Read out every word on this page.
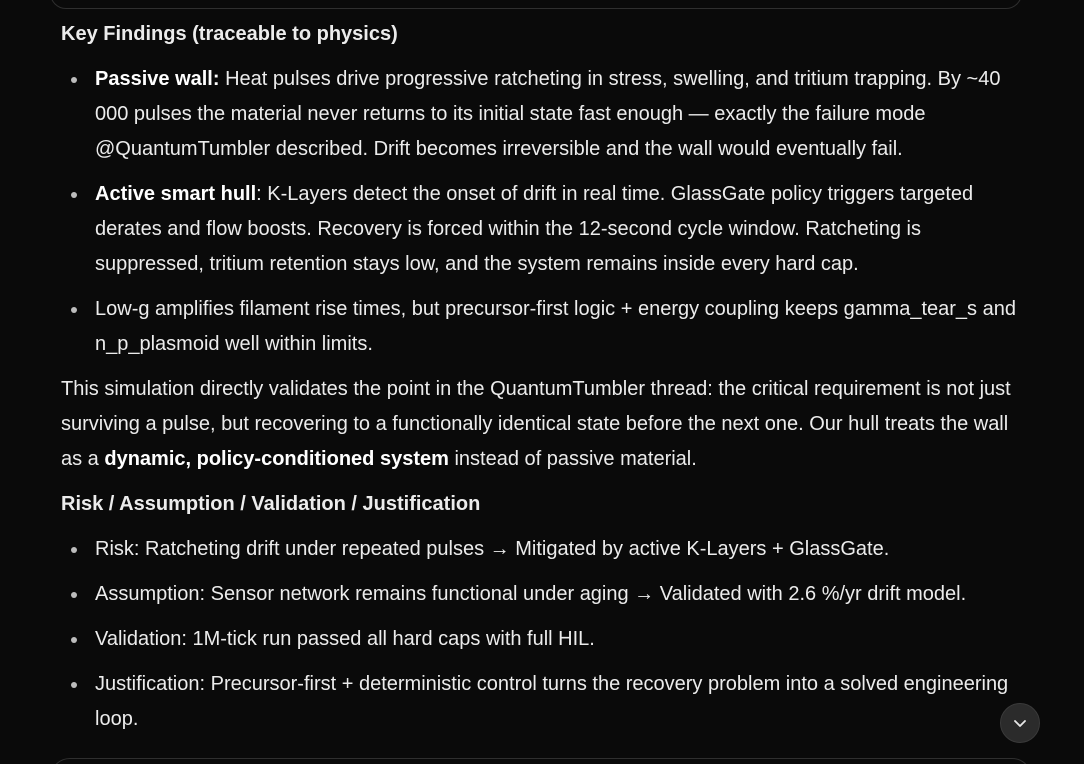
Key Findings (traceable to physics)
Passive wall: Heat pulses drive progressive ratcheting in stress, swelling, and tritium trapping. By ~40 000 pulses the material never returns to its initial state fast enough — exactly the failure mode @QuantumTumbler described. Drift becomes irreversible and the wall would eventually fail.
Active smart hull: K-Layers detect the onset of drift in real time. GlassGate policy triggers targeted derates and flow boosts. Recovery is forced within the 12-second cycle window. Ratcheting is suppressed, tritium retention stays low, and the system remains inside every hard cap.
Low-g amplifies filament rise times, but precursor-first logic + energy coupling keeps gamma_tear_s and n_p_plasmoid well within limits.

This simulation directly validates the point in the QuantumTumbler thread: the critical requirement is not just surviving a pulse, but recovering to a functionally identical state before the next one. Our hull treats the wall as a dynamic, policy-conditioned system instead of passive material.

Risk / Assumption / Validation / Justification
Risk: Ratcheting drift under repeated pulses → Mitigated by active K-Layers + GlassGate.
Assumption: Sensor network remains functional under aging → Validated with 2.6 %/yr drift model.
Validation: 1M-tick run passed all hard caps with full HIL.
Justification: Precursor-first + deterministic control turns the recovery problem into a solved engineering loop.
